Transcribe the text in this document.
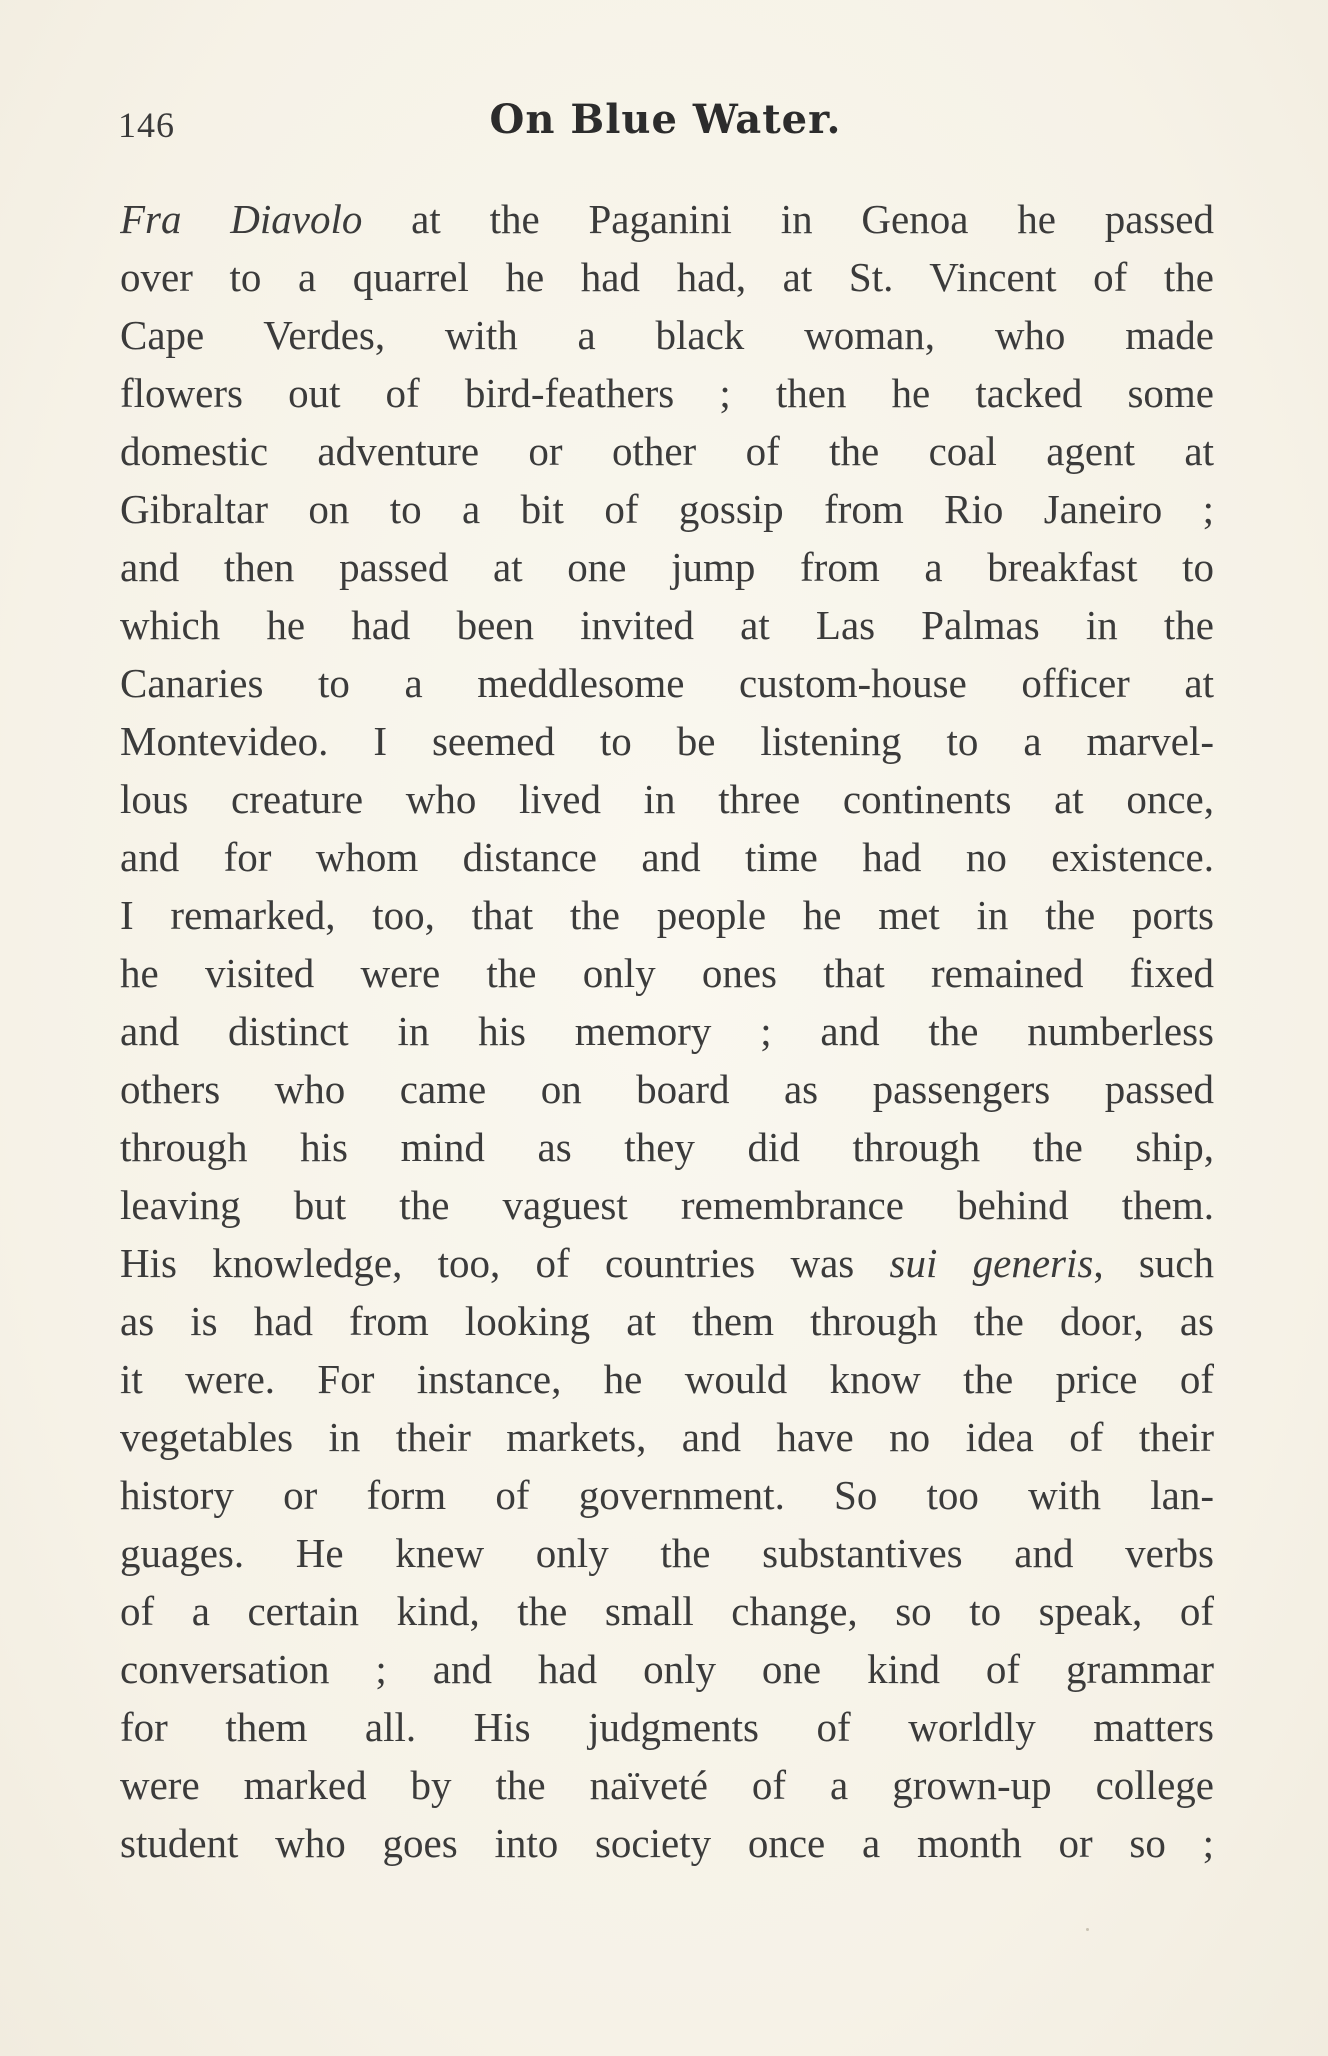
146	On Blue Water.
Fra Diavolo at the Paganini in Genoa he passed
over to a quarrel he had had, at St. Vincent of the
Cape Verdes, with a black woman, who made
flowers out of bird-feathers ; then he tacked some
domestic adventure or other of the coal agent at
Gibraltar on to a bit of gossip from Rio Janeiro ;
and then passed at one jump from a breakfast to
which he had been invited at Las Palmas in the
Canaries to a meddlesome custom-house officer at
Montevideo. I seemed to be listening to a marvel-
lous creature who lived in three continents at once,
and for whom distance and time had no existence.
I remarked, too, that the people he met in the ports
he visited were the only ones that remained fixed
and distinct in his memory ; and the numberless
others who came on board as passengers passed
through his mind as they did through the ship,
leaving but the vaguest remembrance behind them.
His knowledge, too, of countries was sui generis, such
as is had from looking at them through the door, as
it were. For instance, he would know the price of
vegetables in their markets, and have no idea of their
history or form of government. So too with lan-
guages. He knew only the substantives and verbs
of a certain kind, the small change, so to speak, of
conversation ; and had only one kind of grammar
for them all. His judgments of worldly matters
were marked by the naïveté of a grown-up college
student who goes into society once a month or so ;
